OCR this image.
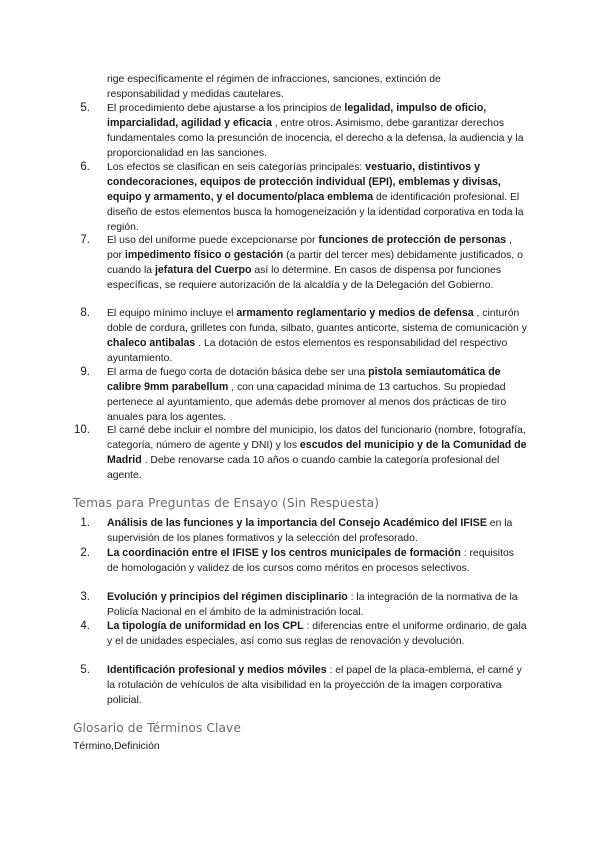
rige específicamente el régimen de infracciones, sanciones, extinción de responsabilidad y medidas cautelares.
5. El procedimiento debe ajustarse a los principios de legalidad, impulso de oficio, imparcialidad, agilidad y eficacia , entre otros. Asimismo, debe garantizar derechos fundamentales como la presunción de inocencia, el derecho a la defensa, la audiencia y la proporcionalidad en las sanciones.
6. Los efectos se clasifican en seis categorías principales: vestuario, distintivos y condecoraciones, equipos de protección individual (EPI), emblemas y divisas, equipo y armamento, y el documento/placa emblema de identificación profesional. El diseño de estos elementos busca la homogeneización y la identidad corporativa en toda la región.
7. El uso del uniforme puede excepcionarse por funciones de protección de personas , por impedimento físico o gestación (a partir del tercer mes) debidamente justificados, o cuando la jefatura del Cuerpo así lo determine. En casos de dispensa por funciones específicas, se requiere autorización de la alcaldía y de la Delegación del Gobierno.
8. El equipo mínimo incluye el armamento reglamentario y medios de defensa , cinturón doble de cordura, grilletes con funda, silbato, guantes anticorte, sistema de comunicación y chaleco antibalas . La dotación de estos elementos es responsabilidad del respectivo ayuntamiento.
9. El arma de fuego corta de dotación básica debe ser una pistola semiautomática de calibre 9mm parabellum , con una capacidad mínima de 13 cartuchos. Su propiedad pertenece al ayuntamiento, que además debe promover al menos dos prácticas de tiro anuales para los agentes.
10. El carné debe incluir el nombre del municipio, los datos del funcionario (nombre, fotografía, categoría, número de agente y DNI) y los escudos del municipio y de la Comunidad de Madrid . Debe renovarse cada 10 años o cuando cambie la categoría profesional del agente.
Temas para Preguntas de Ensayo (Sin Respuesta)
1. Análisis de las funciones y la importancia del Consejo Académico del IFISE en la supervisión de los planes formativos y la selección del profesorado.
2. La coordinación entre el IFISE y los centros municipales de formación : requisitos de homologación y validez de los cursos como méritos en procesos selectivos.
3. Evolución y principios del régimen disciplinario : la integración de la normativa de la Policía Nacional en el ámbito de la administración local.
4. La tipología de uniformidad en los CPL : diferencias entre el uniforme ordinario, de gala y el de unidades especiales, así como sus reglas de renovación y devolución.
5. Identificación profesional y medios móviles : el papel de la placa-emblema, el carné y la rotulación de vehículos de alta visibilidad en la proyección de la imagen corporativa policial.
Glosario de Términos Clave
Término,Definición
